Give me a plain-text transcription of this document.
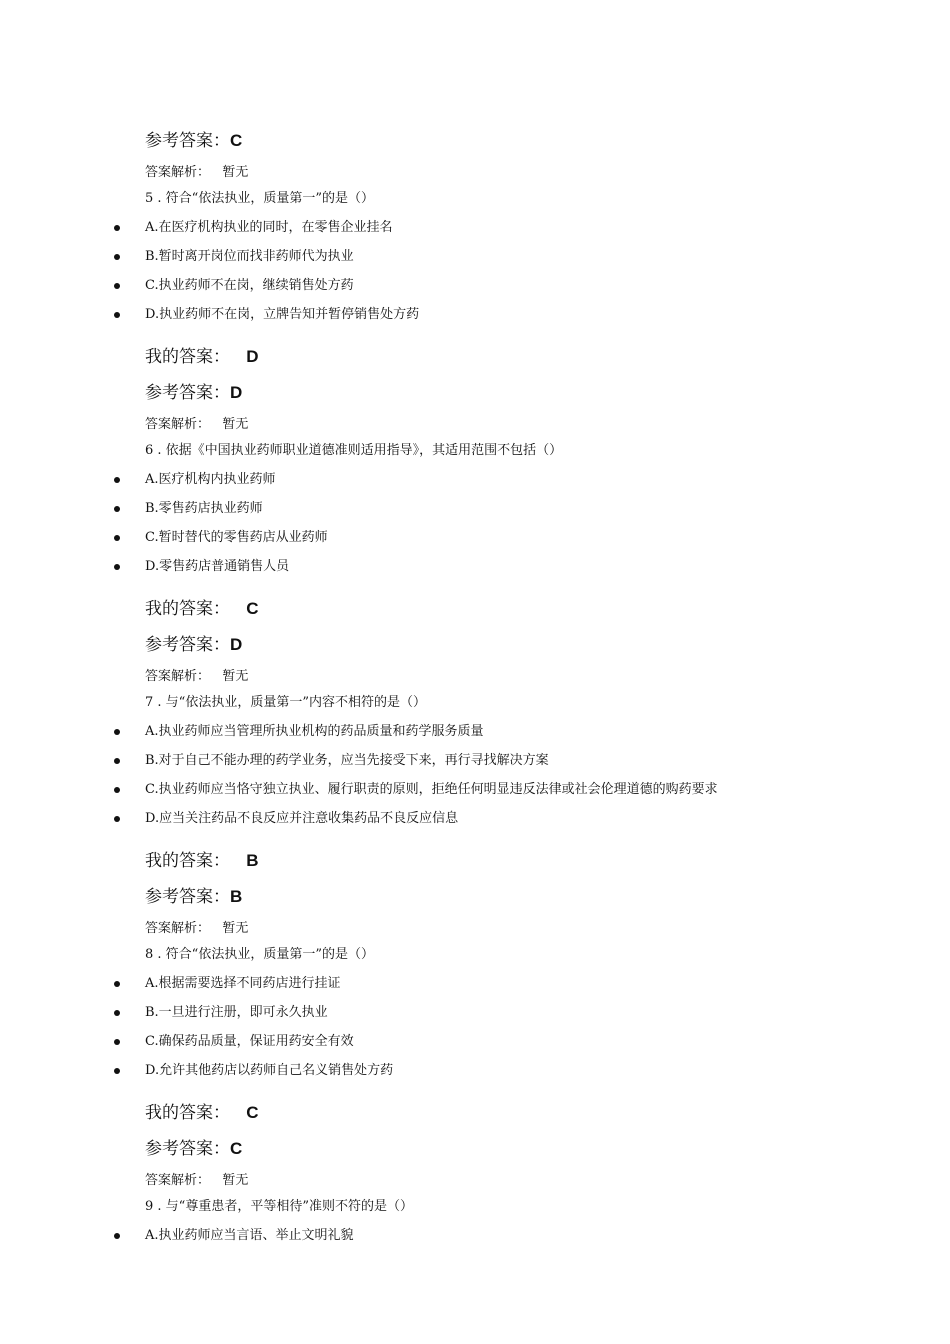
参考答案：C
答案解析： 暂无
5 . 符合“依法执业，质量第一”的是（）
A.在医疗机构执业的同时，在零售企业挂名
B.暂时离开岗位而找非药师代为执业
C.执业药师不在岗，继续销售处方药
D.执业药师不在岗，立牌告知并暂停销售处方药
我的答案： D
参考答案：D
答案解析： 暂无
6 . 依据《中国执业药师职业道德准则适用指导》，其适用范围不包括（）
A.医疗机构内执业药师
B.零售药店执业药师
C.暂时替代的零售药店从业药师
D.零售药店普通销售人员
我的答案： C
参考答案：D
答案解析： 暂无
7 . 与“依法执业，质量第一”内容不相符的是（）
A.执业药师应当管理所执业机构的药品质量和药学服务质量
B.对于自己不能办理的药学业务，应当先接受下来，再行寻找解决方案
C.执业药师应当恪守独立执业、履行职责的原则，拒绝任何明显违反法律或社会伦理道德的购药要求
D.应当关注药品不良反应并注意收集药品不良反应信息
我的答案： B
参考答案：B
答案解析： 暂无
8 . 符合“依法执业，质量第一”的是（）
A.根据需要选择不同药店进行挂证
B.一旦进行注册，即可永久执业
C.确保药品质量，保证用药安全有效
D.允许其他药店以药师自己名义销售处方药
我的答案： C
参考答案：C
答案解析： 暂无
9 . 与“尊重患者，平等相待”准则不符的是（）
A.执业药师应当言语、举止文明礼貌
